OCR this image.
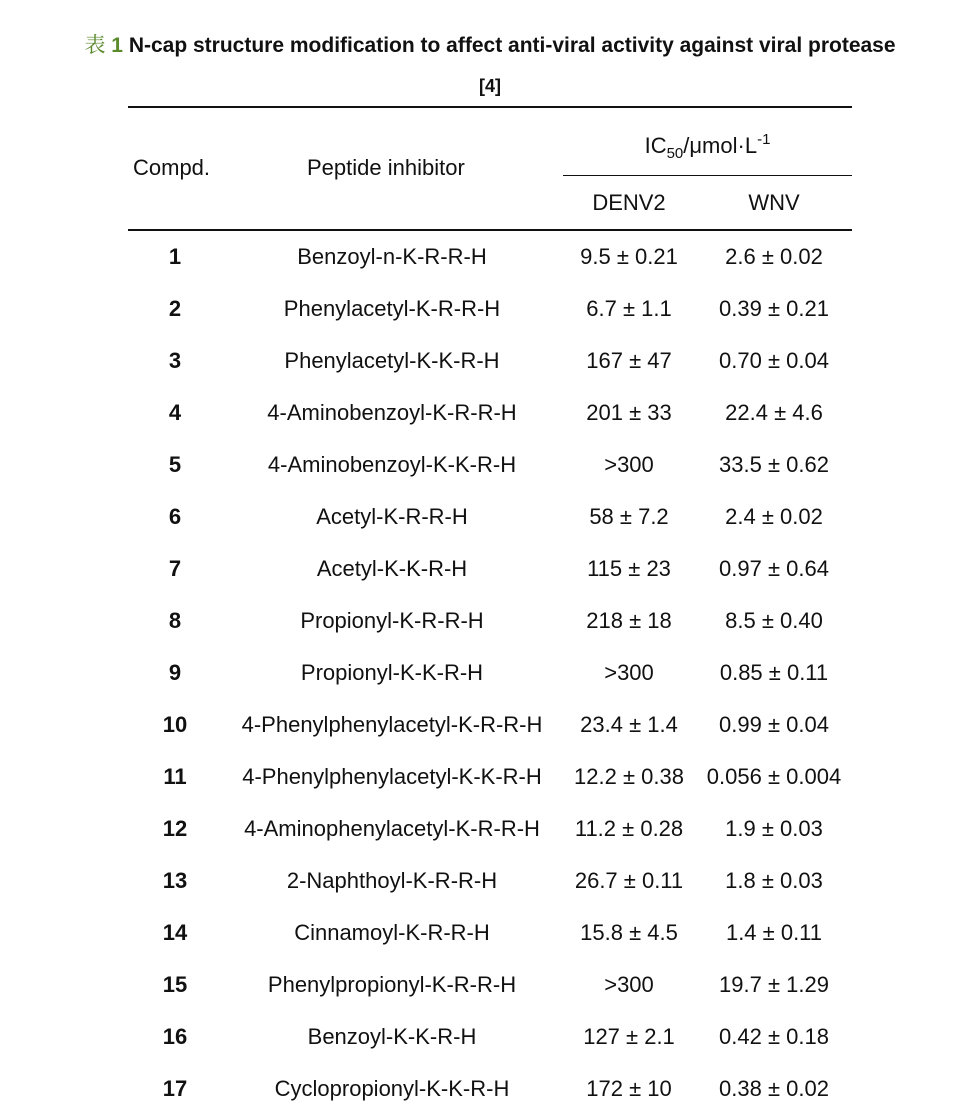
表 1 N-cap structure modification to affect anti-viral activity against viral protease
[4]
Compd.	Peptide inhibitor
$IC_{50}/\mu mol\cdot L^{-1}$
DENV2	WNV
1	Benzoyl-n-K-R-R-H	9.5 ± 0.21	2.6 ± 0.02
2	Phenylacetyl-K-R-R-H	6.7 ± 1.1	0.39 ± 0.21
3	Phenylacetyl-K-K-R-H	167 ± 47	0.70 ± 0.04
4	4-Aminobenzoyl-K-R-R-H	201 ± 33	22.4 ± 4.6
5	4-Aminobenzoyl-K-K-R-H	>300	33.5 ± 0.62
6	Acetyl-K-R-R-H	58 ± 7.2	2.4 ± 0.02
7	Acetyl-K-K-R-H	115 ± 23	0.97 ± 0.64
8	Propionyl-K-R-R-H	218 ± 18	8.5 ± 0.40
9	Propionyl-K-K-R-H	>300	0.85 ± 0.11
10	4-Phenylphenylacetyl-K-R-R-H	23.4 ± 1.4	0.99 ± 0.04
11	4-Phenylphenylacetyl-K-K-R-H	12.2 ± 0.38	0.056 ± 0.004
12	4-Aminophenylacetyl-K-R-R-H	11.2 ± 0.28	1.9 ± 0.03
13	2-Naphthoyl-K-R-R-H	26.7 ± 0.11	1.8 ± 0.03
14	Cinnamoyl-K-R-R-H	15.8 ± 4.5	1.4 ± 0.11
15	Phenylpropionyl-K-R-R-H	>300	19.7 ± 1.29
16	Benzoyl-K-K-R-H	127 ± 2.1	0.42 ± 0.18
17	Cyclopropionyl-K-K-R-H	172 ± 10	0.38 ± 0.02
